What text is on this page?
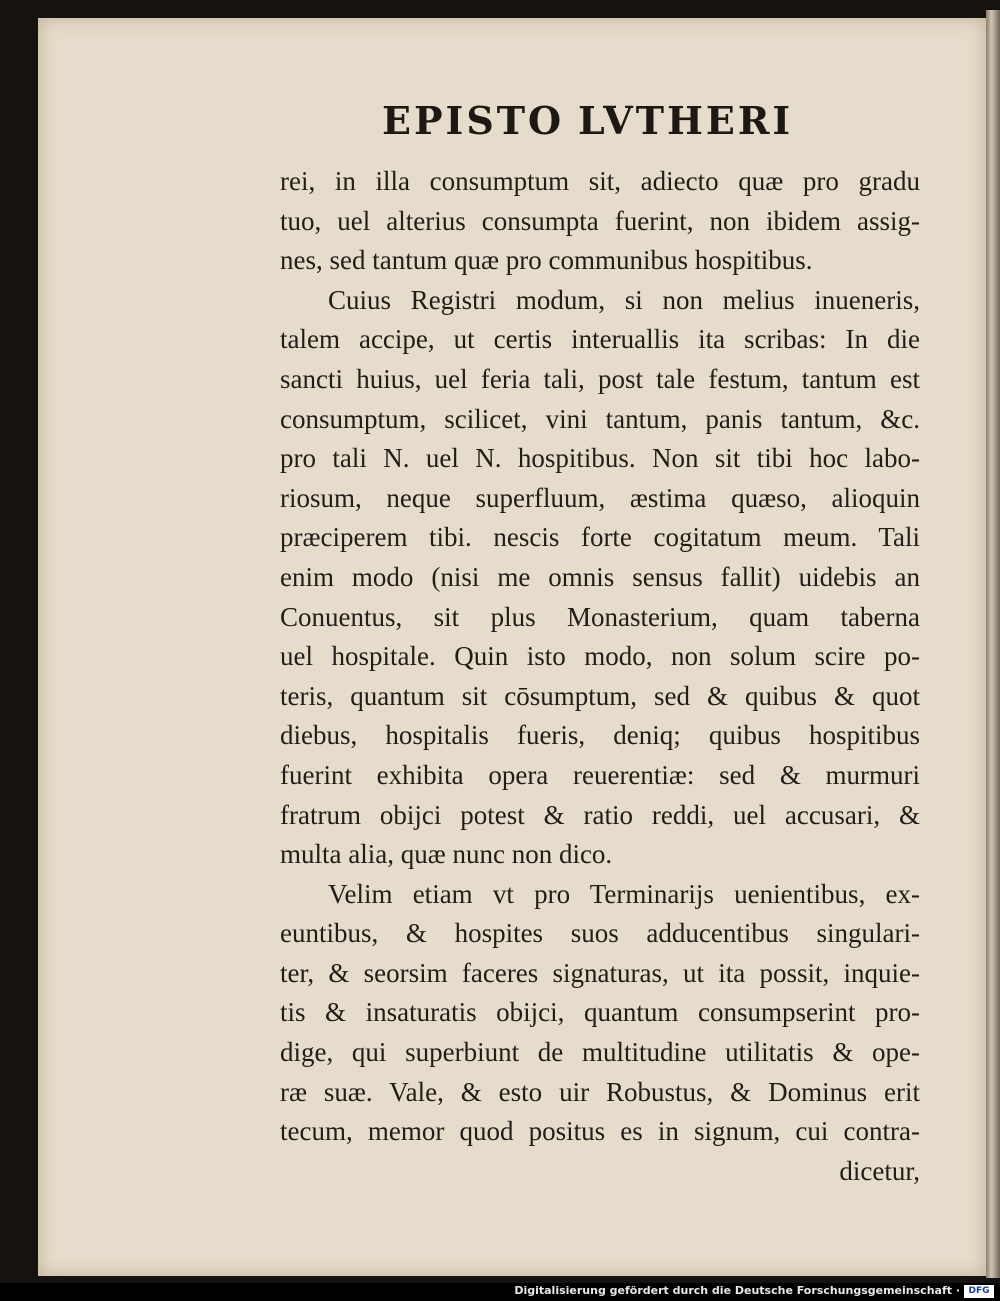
EPISTO LVTHERI
rei, in illa consumptum sit, adiecto quæ pro gradu
tuo, uel alterius consumpta fuerint, non ibidem assig-
nes, sed tantum quæ pro communibus hospitibus.
Cuius Registri modum, si non melius inueneris,
talem accipe, ut certis interuallis ita scribas: In die
sancti huius, uel feria tali, post tale festum, tantum est
consumptum, scilicet, vini tantum, panis tantum, &c.
pro tali N. uel N. hospitibus. Non sit tibi hoc labo-
riosum, neque superfluum, æstima quæso, alioquin
præciperem tibi. nescis forte cogitatum meum. Tali
enim modo (nisi me omnis sensus fallit) uidebis an
Conuentus, sit plus Monasterium, quam taberna
uel hospitale. Quin isto modo, non solum scire po-
teris, quantum sit cōsumptum, sed & quibus & quot
diebus, hospitalis fueris, deniq; quibus hospitibus
fuerint exhibita opera reuerentiæ: sed & murmuri
fratrum obijci potest & ratio reddi, uel accusari, &
multa alia, quæ nunc non dico.
Velim etiam vt pro Terminarijs uenientibus, ex-
euntibus, & hospites suos adducentibus singulari-
ter, & seorsim faceres signaturas, ut ita possit, inquie-
tis & insaturatis obijci, quantum consumpserint pro-
dige, qui superbiunt de multitudine utilitatis & ope-
ræ suæ. Vale, & esto uir Robustus, & Dominus erit
tecum, memor quod positus es in signum, cui contra-
dicetur,
Digitalisierung gefördert durch die Deutsche Forschungsgemeinschaft · DFG
